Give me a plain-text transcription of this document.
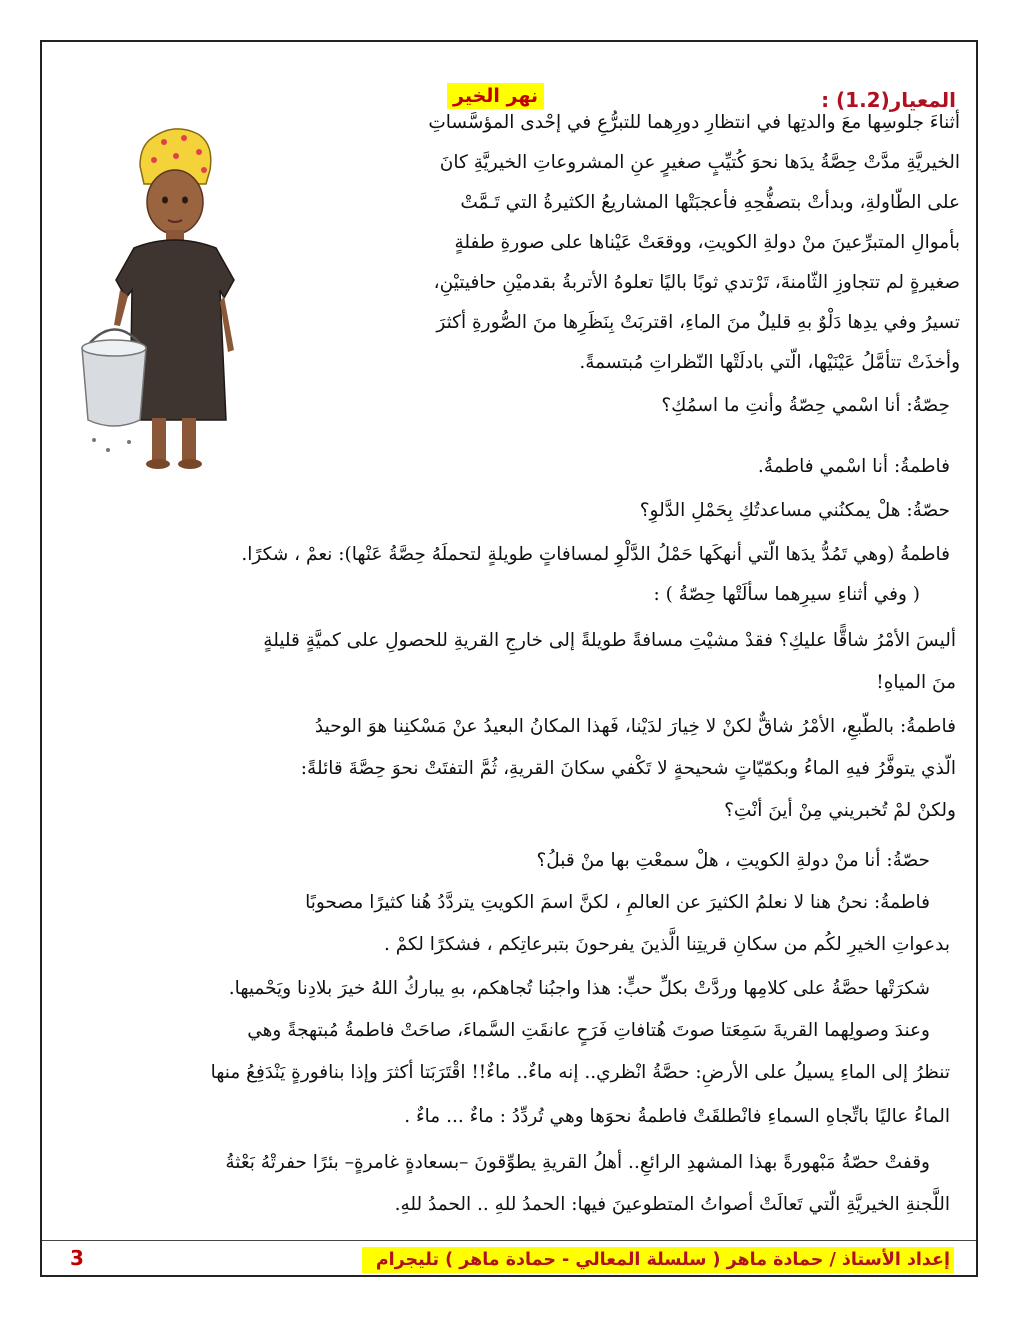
المعيار(1.2) :
نهر الخير
أثناءَ جلوسِها معَ والدتِها في انتظارِ دورِهما للتبرُّعِ في إحْدى المؤسَّساتِ
الخيريَّةِ مدَّتْ حِصَّةُ يدَها نحوَ كُتيِّبٍ صغيرٍ عنِ المشروعاتِ الخيريَّةِ كانَ
على الطّاولةِ، وبدأتْ بتصفُّحِهِ فأعجبَتْها المشاريعُ الكثيرةُ التي تَـمَّتْ
بأموالِ المتبرِّعينَ منْ دولةِ الكويتِ، ووقعَتْ عَيْناها على صورةِ طفلةٍ
صغيرةٍ لم تتجاوزِ الثّامنةَ، تَرْتدي ثوبًا باليًا تعلوهُ الأتربةُ بقدميْنِ حافيتيْنِ،
تسيرُ وفي يدِها دَلْوٌ بهِ قليلٌ منَ الماءِ، اقتربَتْ بِنَظَرِها منَ الصُّورةِ أكثرَ
وأخذَتْ تتأمَّلُ عَيْنَيْها، الّتي بادلَتْها النّظراتِ مُبتسمةً.
حِصّةُ: أنا اسْمي حِصّةُ وأنتِ ما اسمُكِ؟
فاطمةُ: أنا اسْمي فاطمةُ.
حصّةُ: هلْ يمكنُني مساعدتُكِ بِحَمْلِ الدَّلوِ؟
فاطمةُ (وهي تَمُدُّ يدَها الّتي أنهكَها حَمْلُ الدَّلْوِ لمسافاتٍ طويلةٍ لتحملَهُ حِصَّةُ عَنْها): نعمْ ، شكرًا.
( وفي أثناءِ سيرِهما سألَتْها حِصّةُ ) :
أليسَ الأمْرُ شاقًّا عليكِ؟ فقدْ مشيْتِ مسافةً طويلةً إلى خارجِ القريةِ للحصولِ على كميَّةٍ قليلةٍ
منَ المياهِ!
فاطمةُ: بالطّبعِ، الأمْرُ شاقٌّ لكنْ لا خِيارَ لدَيْنا، فَهذا المكانُ البعيدُ عنْ مَسْكنِنا هوَ الوحيدُ
الّذي يتوفَّرُ فيهِ الماءُ وبكمّيّاتٍ شحيحةٍ لا تَكْفي سكانَ القريةِ، ثُمَّ التفتَتْ نحوَ حِصَّةَ قائلةً:
ولكنْ لمْ تُخبريني مِنْ أينَ أنْتِ؟
حصّةُ: أنا منْ دولةِ الكويتِ ، هلْ سمعْتِ بها منْ قبلُ؟
فاطمةُ: نحنُ هنا لا نعلمُ الكثيرَ عن العالمِ ، لكنَّ اسمَ الكويتِ يتردَّدُ هُنا كثيرًا مصحوبًا
بدعواتِ الخيرِ لكُم من سكانِ قريتِنا الَّذينَ يفرحونَ بتبرعاتِكم ، فشكرًا لكمْ .
شكرَتْها حصَّةُ على كلامِها وردَّتْ بكلِّ حبٍّ: هذا واجبُنا تُجاهكم، بهِ يباركُ اللهُ خيرَ بلادِنا ويَحْميها.
وعندَ وصولِهما القريةَ سَمِعَتا صوتَ هُتافاتِ فَرَحٍ عانقَتِ السَّماءَ، صاحَتْ فاطمةُ مُبتهجةً وهي
تنظرُ إلى الماءِ يسيلُ على الأرضِ: حصَّةُ انْظري.. إنه ماءٌ.. ماءٌ!! اقْتَرَبَتا أكثرَ وإذا بنافورةٍ يَنْدَفِعُ منها
الماءُ عاليًا باتِّجاهِ السماءِ فانْطلقَتْ فاطمةُ نحوَها وهي تُردِّدُ : ماءٌ ... ماءٌ .
وقفتْ حصّةُ مَبْهورةً بهذا المشهدِ الرائعِ.. أهلُ القريةِ يطوِّقونَ –بسعادةٍ غامرةٍ– بئرًا حفرتْهُ بَعْثةُ
اللَّجنةِ الخيريَّةِ الّتي تَعالَتْ أصواتُ المتطوعينَ فيها: الحمدُ للهِ .. الحمدُ للهِ.
إعداد الأستاذ / حمادة ماهر ( سلسلة المعالي - حمادة ماهر ) تليجرام
3
